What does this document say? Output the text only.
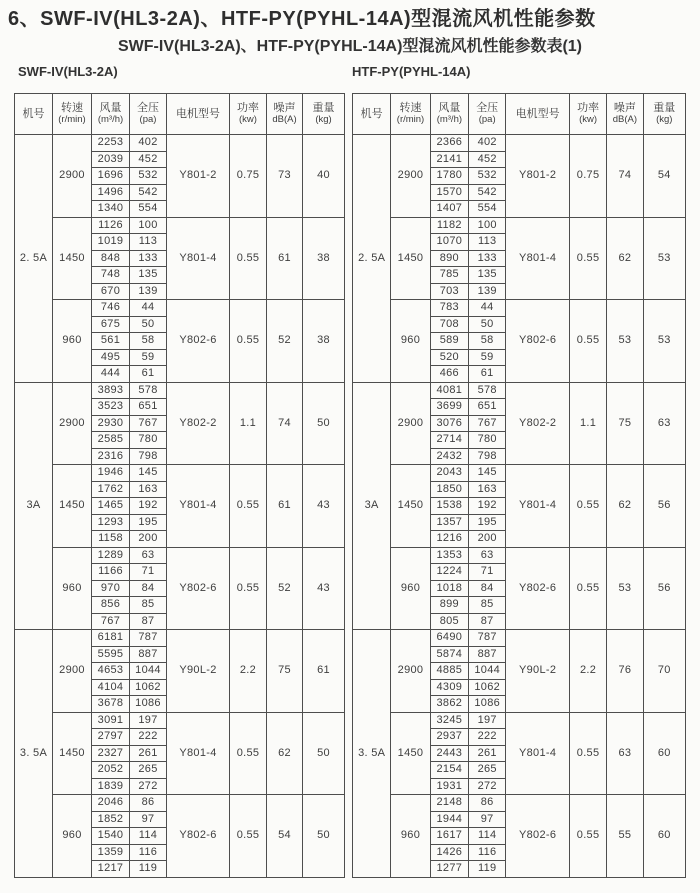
6、SWF-IV(HL3-2A)、HTF-PY(PYHL-14A)型混流风机性能参数
SWF-IV(HL3-2A)、HTF-PY(PYHL-14A)型混流风机性能参数表(1)
SWF-IV(HL3-2A)	HTF-PY(PYHL-14A)
机号	转速
(r/min)

风量
(m³/h)

全压
(pa)	电机型号	功率
(kw)

噪声
dB(A)

重量
(kg)

2. 5A	2900	2253	402	Y801-2	0.75	73	40
		2039	452				
		1696	532				
		1496	542				
		1340	554				
	1450	1126	100	Y801-4	0.55	61	38
		1019	113				
		848	133				
		748	135				
		670	139				
	960	746	44	Y802-6	0.55	52	38
		675	50				
		561	58				
		495	59				
		444	61				
3A	2900	3893	578	Y802-2	1.1	74	50
		3523	651				
		2930	767				
		2585	780				
		2316	798				
	1450	1946	145	Y801-4	0.55	61	43
		1762	163				
		1465	192				
		1293	195				
		1158	200				
	960	1289	63	Y802-6	0.55	52	43
		1166	71				
		970	84				
		856	85				
		767	87				
3. 5A	2900	6181	787	Y90L-2	2.2	75	61
		5595	887				
		4653	1044				
		4104	1062				
		3678	1086				
	1450	3091	197	Y801-4	0.55	62	50
		2797	222				
		2327	261				
		2052	265				
		1839	272				
	960	2046	86	Y802-6	0.55	54	50
		1852	97				
		1540	114				
		1359	116				
		1217	119				
机号	转速
(r/min)

风量
(m³/h)

全压
(pa)	电机型号	功率
(kw)

噪声
dB(A)

重量
(kg)

2. 5A	2900	2366	402	Y801-2	0.75	74	54
		2141	452				
		1780	532				
		1570	542				
		1407	554				
	1450	1182	100	Y801-4	0.55	62	53
		1070	113				
		890	133				
		785	135				
		703	139				
	960	783	44	Y802-6	0.55	53	53
		708	50				
		589	58				
		520	59				
		466	61				
3A	2900	4081	578	Y802-2	1.1	75	63
		3699	651				
		3076	767				
		2714	780				
		2432	798				
	1450	2043	145	Y801-4	0.55	62	56
		1850	163				
		1538	192				
		1357	195				
		1216	200				
	960	1353	63	Y802-6	0.55	53	56
		1224	71				
		1018	84				
		899	85				
		805	87				
3. 5A	2900	6490	787	Y90L-2	2.2	76	70
		5874	887				
		4885	1044				
		4309	1062				
		3862	1086				
	1450	3245	197	Y801-4	0.55	63	60
		2937	222				
		2443	261				
		2154	265				
		1931	272				
	960	2148	86	Y802-6	0.55	55	60
		1944	97				
		1617	114				
		1426	116				
		1277	119				
